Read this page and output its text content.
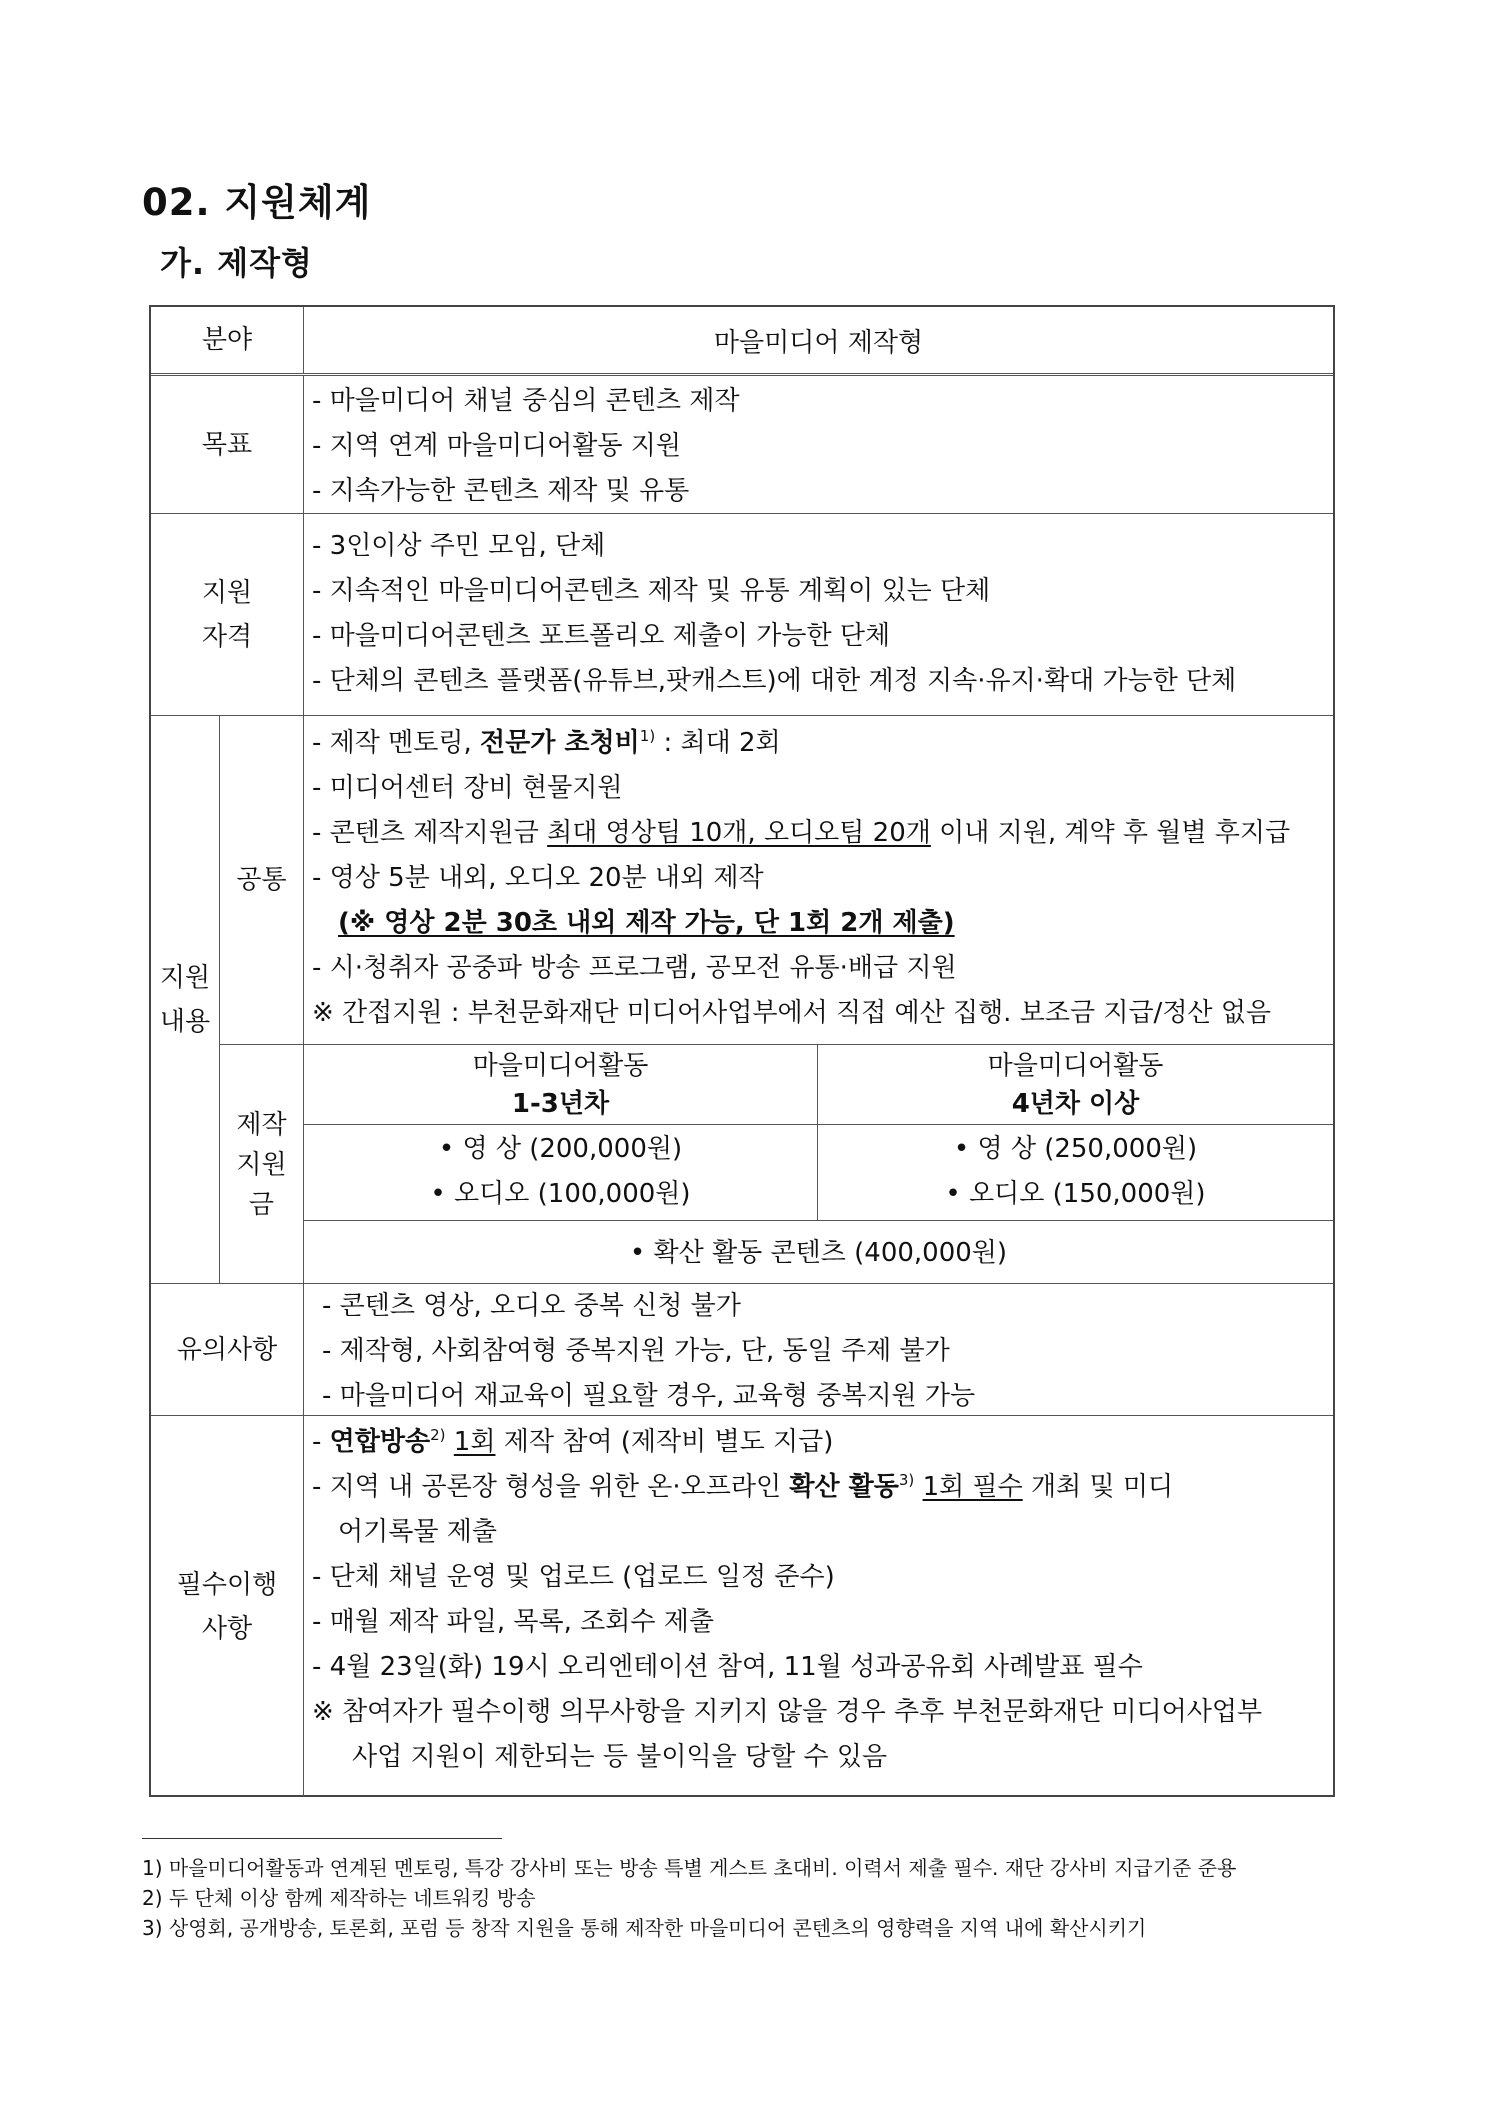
02. 지원체계
가. 제작형
분야	마을미디어 제작형
목표
- 마을미디어 채널 중심의 콘텐츠 제작
- 지역 연계 마을미디어활동 지원
- 지속가능한 콘텐츠 제작 및 유통
지원
자격
- 3인이상 주민 모임, 단체
- 지속적인 마을미디어콘텐츠 제작 및 유통 계획이 있는 단체
- 마을미디어콘텐츠 포트폴리오 제출이 가능한 단체
- 단체의 콘텐츠 플랫폼(유튜브,팟캐스트)에 대한 계정 지속·유지·확대 가능한 단체
지원
내용
공통
- 제작 멘토링, 전문가 초청비$^{1)}$ : 최대 2회
- 미디어센터 장비 현물지원
- 콘텐츠 제작지원금 최대 영상팀 10개, 오디오팀 20개 이내 지원, 계약 후 월별 후지급
- 영상 5분 내외, 오디오 20분 내외 제작
(※ 영상 2분 30초 내외 제작 가능, 단 1회 2개 제출)
- 시·청취자 공중파 방송 프로그램, 공모전 유통·배급 지원
※ 간접지원 : 부천문화재단 미디어사업부에서 직접 예산 집행. 보조금 지급/정산 없음
제작
지원
금
마을미디어활동
1-3년차
마을미디어활동
4년차 이상
• 영 상 (200,000원)
• 오디오 (100,000원)
• 영 상 (250,000원)
• 오디오 (150,000원)
• 확산 활동 콘텐츠 (400,000원)
유의사항
- 콘텐츠 영상, 오디오 중복 신청 불가
- 제작형, 사회참여형 중복지원 가능, 단, 동일 주제 불가
- 마을미디어 재교육이 필요할 경우, 교육형 중복지원 가능
필수이행
사항
- 연합방송$^{2)}$ 1회 제작 참여 (제작비 별도 지급)
- 지역 내 공론장 형성을 위한 온·오프라인 확산 활동$^{3)}$ 1회 필수 개최 및 미디
어기록물 제출
- 단체 채널 운영 및 업로드 (업로드 일정 준수)
- 매월 제작 파일, 목록, 조회수 제출
- 4월 23일(화) 19시 오리엔테이션 참여, 11월 성과공유회 사례발표 필수
※ 참여자가 필수이행 의무사항을 지키지 않을 경우 추후 부천문화재단 미디어사업부
사업 지원이 제한되는 등 불이익을 당할 수 있음
1) 마을미디어활동과 연계된 멘토링, 특강 강사비 또는 방송 특별 게스트 초대비. 이력서 제출 필수. 재단 강사비 지급기준 준용
2) 두 단체 이상 함께 제작하는 네트워킹 방송
3) 상영회, 공개방송, 토론회, 포럼 등 창작 지원을 통해 제작한 마을미디어 콘텐츠의 영향력을 지역 내에 확산시키기
